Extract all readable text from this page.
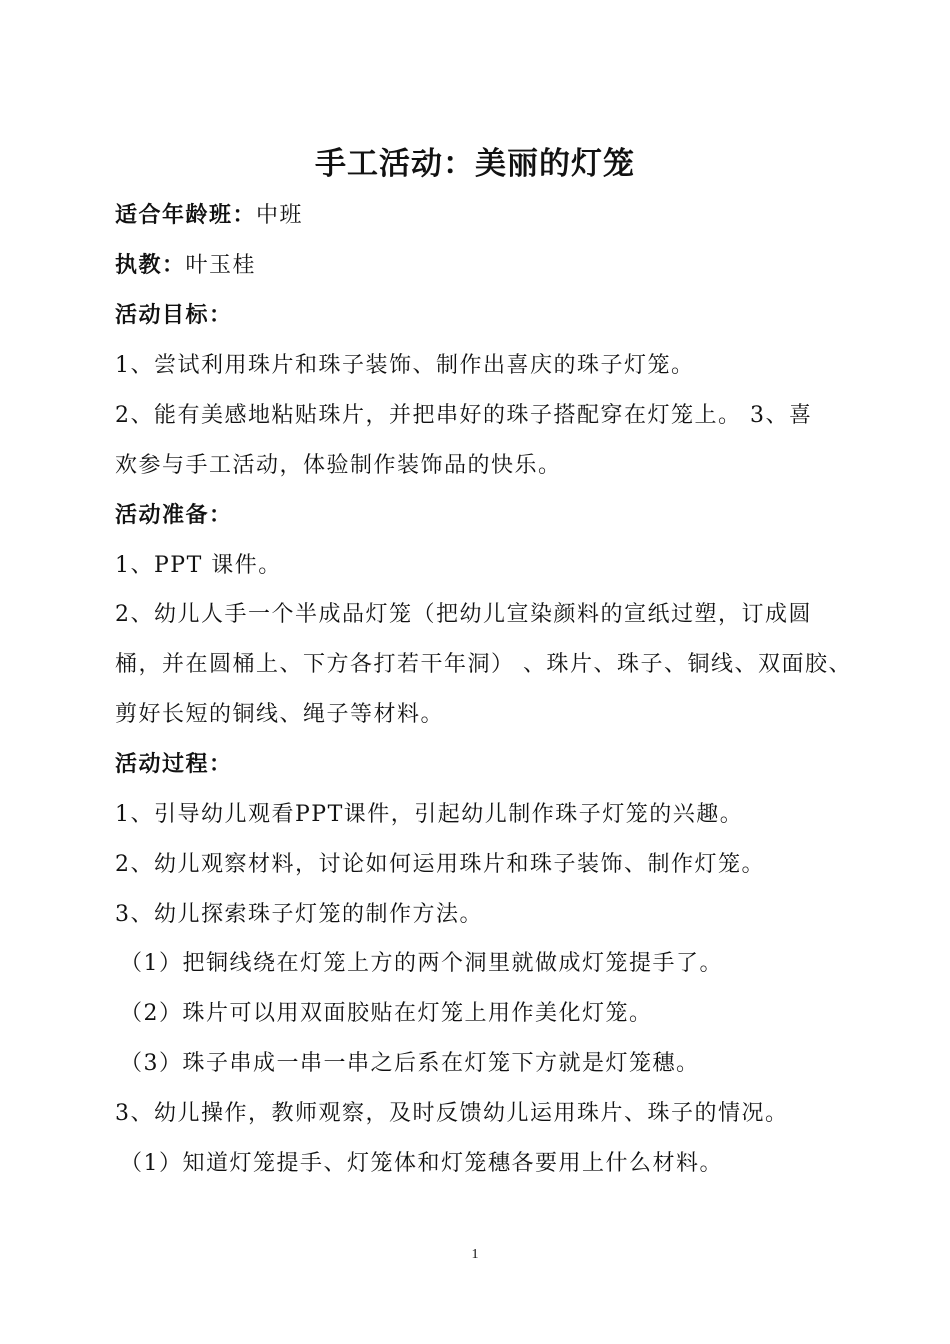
手工活动：美丽的灯笼
适合年龄班：中班
执教：叶玉桂
活动目标：
1、尝试利用珠片和珠子装饰、制作出喜庆的珠子灯笼。
2、能有美感地粘贴珠片，并把串好的珠子搭配穿在灯笼上。 3、喜
欢参与手工活动，体验制作装饰品的快乐。
活动准备：
1、PPT 课件。
2、幼儿人手一个半成品灯笼（把幼儿宣染颜料的宣纸过塑，订成圆
桶，并在圆桶上、下方各打若干年洞） 、珠片、珠子、铜线、双面胶、
剪好长短的铜线、绳子等材料。
活动过程：
1、引导幼儿观看PPT课件，引起幼儿制作珠子灯笼的兴趣。
2、幼儿观察材料，讨论如何运用珠片和珠子装饰、制作灯笼。
3、幼儿探索珠子灯笼的制作方法。
（1）把铜线绕在灯笼上方的两个洞里就做成灯笼提手了。
（2）珠片可以用双面胶贴在灯笼上用作美化灯笼。
（3）珠子串成一串一串之后系在灯笼下方就是灯笼穗。
3、幼儿操作，教师观察，及时反馈幼儿运用珠片、珠子的情况。
（1）知道灯笼提手、灯笼体和灯笼穗各要用上什么材料。
1
